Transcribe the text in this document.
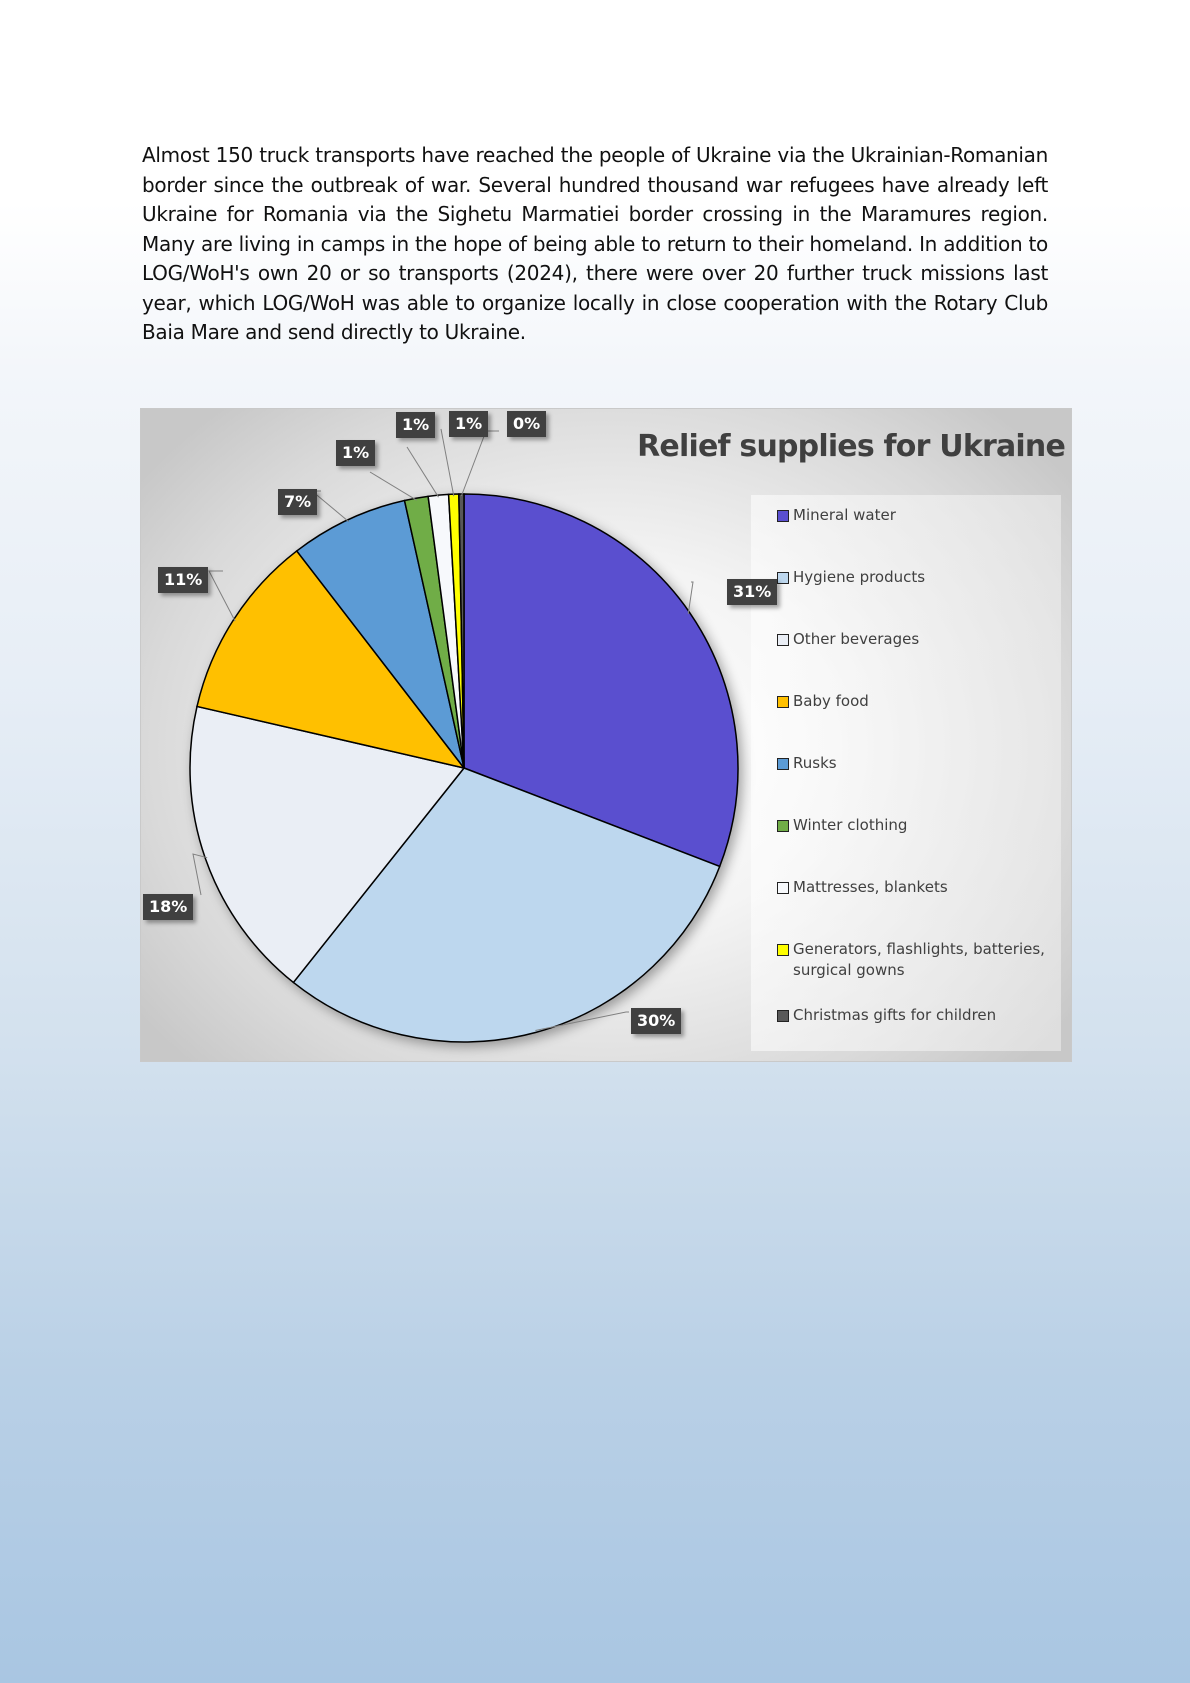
Almost 150 truck transports have reached the people of Ukraine via the Ukrainian-Romanian border since the outbreak of war. Several hundred thousand war refugees have already left Ukraine for Romania via the Sighetu Marmatiei border crossing in the Maramures region. Many are living in camps in the hope of being able to return to their homeland. In addition to LOG/WoH's own 20 or so transports (2024), there were over 20 further truck missions last year, which LOG/WoH was able to organize locally in close cooperation with the Rotary Club Baia Mare and send directly to Ukraine.

Relief supplies for Ukraine
Mineral water
Hygiene products
Other beverages
Baby food
Rusks
Winter clothing
Mattresses, blankets
Generators, flashlights, batteries, surgical gowns
Christmas gifts for children
31%
30%
18%
11%
7%
1%
1%	1%	0%
